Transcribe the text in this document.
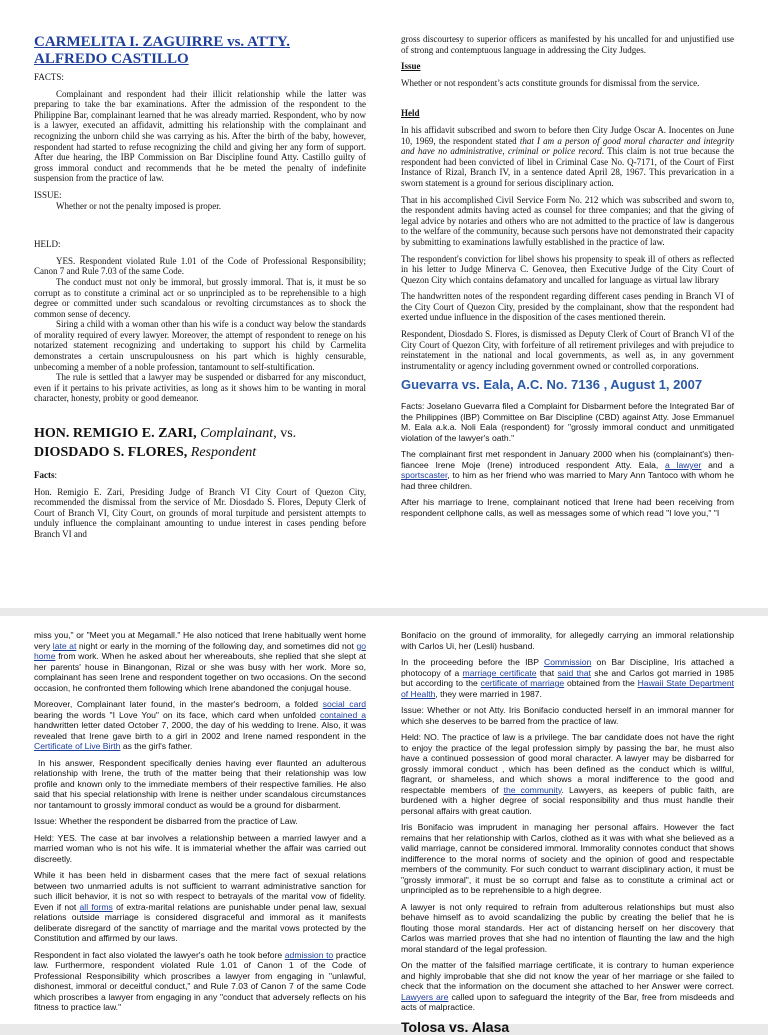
CARMELITA I. ZAGUIRRE vs. ATTY. ALFREDO CASTILLO

FACTS:

Complainant and respondent had their illicit relationship while the latter was preparing to take the bar examinations. After the admission of the respondent to the Philippine Bar, complainant learned that he was already married. Respondent, who by now is a lawyer, executed an affidavit, admitting his relationship with the complainant and recognizing the unborn child she was carrying as his. After the birth of the baby, however, respondent had started to refuse recognizing the child and giving her any form of support. After due hearing, the IBP Commission on Bar Discipline found Atty. Castillo guilty of gross immoral conduct and recommends that he be meted the penalty of indefinite suspension from the practice of law.

ISSUE:

Whether or not the penalty imposed is proper.

HELD:

YES. Respondent violated Rule 1.01 of the Code of Professional Responsibility; Canon 7 and Rule 7.03 of the same Code.

The conduct must not only be immoral, but grossly immoral. That is, it must be so corrupt as to constitute a criminal act or so unprincipled as to be reprehensible to a high degree or committed under such scandalous or revolting circumstances as to shock the common sense of decency.

Siring a child with a woman other than his wife is a conduct way below the standards of morality required of every lawyer. Moreover, the attempt of respondent to renege on his notarized statement recognizing and undertaking to support his child by Carmelita demonstrates a certain unscrupulousness on his part which is highly censurable, unbecoming a member of a noble profession, tantamount to self-stultification.

The rule is settled that a lawyer may be suspended or disbarred for any misconduct, even if it pertains to his private activities, as long as it shows him to be wanting in moral character, honesty, probity or good demeanor.

HON. REMIGIO E. ZARI, Complainant, vs. DIOSDADO S. FLORES, Respondent

Facts:

Hon. Remigio E. Zari, Presiding Judge of Branch VI City Court of Quezon City, recommended the dismissal from the service of Mr. Diosdado S. Flores, Deputy Clerk of Court of Branch VI, City Court, on grounds of moral turpitude and persistent attempts to unduly influence the complainant amounting to undue interest in cases pending before Branch VI and

gross discourtesy to superior officers as manifested by his uncalled for and unjustified use of strong and contemptuous language in addressing the City Judges.

Issue

Whether or not respondent’s acts constitute grounds for dismissal from the service.

Held

In his affidavit subscribed and sworn to before then City Judge Oscar A. Inocentes on June 10, 1969, the respondent stated that I am a person of good moral character and integrity and have no administrative, criminal or police record. This claim is not true because the respondent had been convicted of libel in Criminal Case No. Q-7171, of the Court of First Instance of Rizal, Branch IV, in a sentence dated April 28, 1967. This prevarication in a sworn statement is a ground for serious disciplinary action.

That in his accomplished Civil Service Form No. 212 which was subscribed and sworn to, the respondent admits having acted as counsel for three companies; and that the giving of legal advice by notaries and others who are not admitted to the practice of law is dangerous to the welfare of the community, because such persons have not demonstrated their capacity by submitting to examinations lawfully established in the practice of law.

The respondent's conviction for libel shows his propensity to speak ill of others as reflected in his letter to Judge Minerva C. Genovea, then Executive Judge of the City Court of Quezon City which contains defamatory and uncalled for language as virtual law library

The handwritten notes of the respondent regarding different cases pending in Branch VI of the City Court of Quezon City, presided by the complainant, show that the respondent had exerted undue influence in the disposition of the cases mentioned therein.

Respondent, Diosdado S. Flores, is dismissed as Deputy Clerk of Court of Branch VI of the City Court of Quezon City, with forfeiture of all retirement privileges and with prejudice to reinstatement in the national and local governments, as well as, in any government instrumentality or agency including government owned or controlled corporations.

Guevarra vs. Eala, A.C. No. 7136 , August 1, 2007

Facts: Joselano Guevarra filed a Complaint for Disbarment before the Integrated Bar of the Philippines (IBP) Committee on Bar Discipline (CBD) against Atty. Jose Emmanuel M. Eala a.k.a. Noli Eala (respondent) for "grossly immoral conduct and unmitigated violation of the lawyer's oath."

The complainant first met respondent in January 2000 when his (complainant's) then-fiancee Irene Moje (Irene) introduced respondent Atty. Eala, a lawyer and a sportscaster, to him as her friend who was married to Mary Ann Tantoco with whom he had three children.

After his marriage to Irene, complainant noticed that Irene had been receiving from respondent cellphone calls, as well as messages some of which read "I love you," "I

miss you," or "Meet you at Megamall." He also noticed that Irene habitually went home very late at night or early in the morning of the following day, and sometimes did not go home from work. When he asked about her whereabouts, she replied that she slept at her parents' house in Binangonan, Rizal or she was busy with her work. More so, complainant has seen Irene and respondent together on two occasions. On the second occasion, he confronted them following which Irene abandoned the conjugal house.

Moreover, Complainant later found, in the master's bedroom, a folded social card bearing the words "I Love You" on its face, which card when unfolded contained a handwritten letter dated October 7, 2000, the day of his wedding to Irene. Also, it was revealed that Irene gave birth to a girl in 2002 and Irene named respondent in the Certificate of Live Birth as the girl's father.

In his answer, Respondent specifically denies having ever flaunted an adulterous relationship with Irene, the truth of the matter being that their relationship was low profile and known only to the immediate members of their respective families. He also said that his special relationship with Irene is neither under scandalous circumstances nor tantamount to grossly immoral conduct as would be a ground for disbarment.

Issue: Whether the respondent be disbarred from the practice of Law.

Held: YES. The case at bar involves a relationship between a married lawyer and a married woman who is not his wife. It is immaterial whether the affair was carried out discreetly.

While it has been held in disbarment cases that the mere fact of sexual relations between two unmarried adults is not sufficient to warrant administrative sanction for such illicit behavior, it is not so with respect to betrayals of the marital vow of fidelity. Even if not all forms of extra-marital relations are punishable under penal law, sexual relations outside marriage is considered disgraceful and immoral as it manifests deliberate disregard of the sanctity of marriage and the marital vows protected by the Constitution and affirmed by our laws.

Respondent in fact also violated the lawyer's oath he took before admission to practice law. Furthermore, respondent violated Rule 1.01 of Canon 1 of the Code of Professional Responsibility which proscribes a lawyer from engaging in "unlawful, dishonest, immoral or deceitful conduct," and Rule 7.03 of Canon 7 of the same Code which proscribes a lawyer from engaging in any "conduct that adversely reflects on his fitness to practice law."

Bonifacio on the ground of immorality, for allegedly carrying an immoral relationship with Carlos Ui, her (Lesli) husband.

In the proceeding before the IBP Commission on Bar Discipline, Iris attached a photocopy of a marriage certificate that said that she and Carlos got married in 1985 but according to the certificate of marriage obtained from the Hawaii State Department of Health, they were married in 1987.

Issue: Whether or not Atty. Iris Bonifacio conducted herself in an immoral manner for which she deserves to be barred from the practice of law.

Held: NO. The practice of law is a privilege. The bar candidate does not have the right to enjoy the practice of the legal profession simply by passing the bar, he must also have a continued possession of good moral character. A lawyer may be disbarred for grossly immoral conduct , which has been defined as the conduct which is willful, flagrant, or shameless, and which shows a moral indifference to the good and respectable members of the community. Lawyers, as keepers of public faith, are burdened with a higher degree of social responsibility and thus must handle their personal affairs with great caution.

Iris Bonifacio was imprudent in managing her personal affairs. However the fact remains that her relationship with Carlos, clothed as it was with what she believed as a valid marriage, cannot be considered immoral. Immorality connotes conduct that shows indifference to the moral norms of society and the opinion of good and respectable members of the community. For such conduct to warrant disciplinary action, it must be "grossly immoral", it must be so corrupt and false as to constitute a criminal act or unprincipled as to be reprehensible to a high degree.

A lawyer is not only required to refrain from adulterous relationships but must also behave himself as to avoid scandalizing the public by creating the belief that he is flouting those moral standards. Her act of distancing herself on her discovery that Carlos was married proves that she had no intention of flaunting the law and the high moral standard of the legal profession.

On the matter of the falsified marriage certificate, it is contrary to human experience and highly improbable that she did not know the year of her marriage or she failed to check that the information on the document she attached to her Answer were correct. Lawyers are called upon to safeguard the integrity of the Bar, free from misdeeds and acts of malpractice.

Tolosa vs. Alasa
